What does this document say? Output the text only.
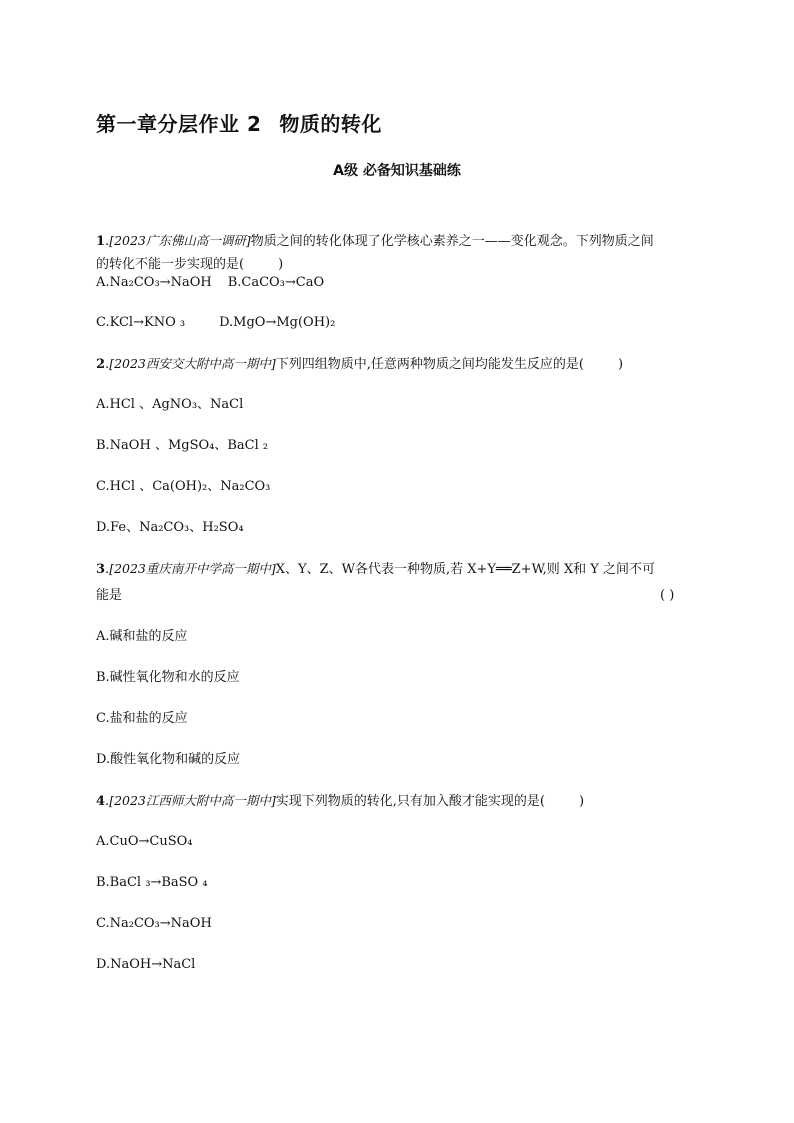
第一章分层作业 2 物质的转化
A级 必备知识基础练
1.[2023广东佛山高一调研]物质之间的转化体现了化学核心素养之一——变化观念。下列物质之间
的转化不能一步实现的是(	)
A.Na₂CO₃→NaOH B.CaCO₃→CaO
C.KCl→KNO ₃	D.MgO→Mg(OH)₂
2.[2023西安交大附中高一期中]下列四组物质中,任意两种物质之间均能发生反应的是(	)
A.HCl 、AgNO₃、NaCl
B.NaOH 、MgSO₄、BaCl ₂
C.HCl 、Ca(OH)₂、Na₂CO₃
D.Fe、Na₂CO₃、H₂SO₄
3.[2023重庆南开中学高一期中]X、Y、Z、W各代表一种物质,若 X+Y══Z+W,则 X和 Y 之间不可
能是	( )
A.碱和盐的反应
B.碱性氧化物和水的反应
C.盐和盐的反应
D.酸性氧化物和碱的反应
4.[2023江西师大附中高一期中]实现下列物质的转化,只有加入酸才能实现的是(	)
A.CuO→CuSO₄
B.BaCl ₃→BaSO ₄
C.Na₂CO₃→NaOH
D.NaOH→NaCl
